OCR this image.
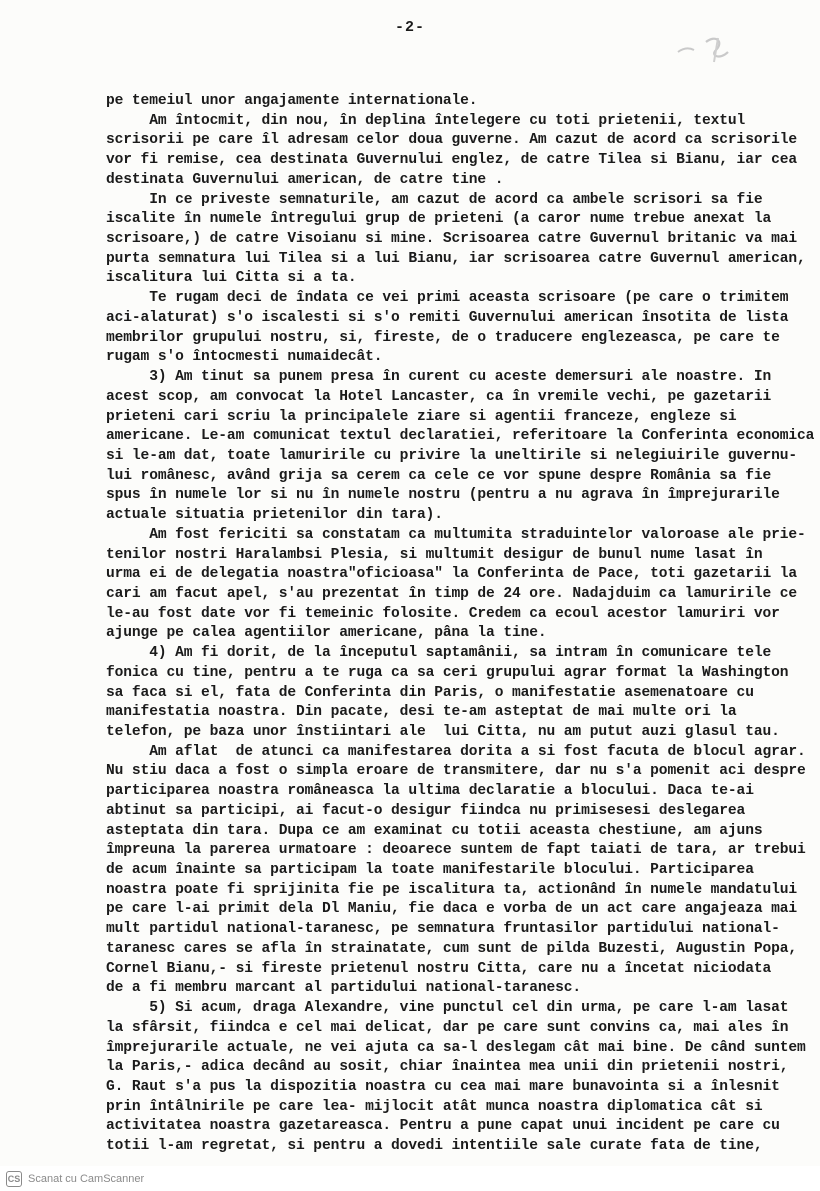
-2-
pe temeiul unor angajamente internationale.
Am întocmit, din nou, în deplina întelegere cu toti prietenii, textul
scrisorii pe care îl adresam celor doua guverne. Am cazut de acord ca scrisorile
vor fi remise, cea destinata Guvernului englez, de catre Tilea si Bianu, iar cea
destinata Guvernului american, de catre tine .
In ce priveste semnaturile, am cazut de acord ca ambele scrisori sa fie
iscalite în numele întregului grup de prieteni (a caror nume trebue anexat la
scrisoare,) de catre Visoianu si mine. Scrisoarea catre Guvernul britanic va mai
purta semnatura lui Tilea si a lui Bianu, iar scrisoarea catre Guvernul american,
iscalitura lui Citta si a ta.
Te rugam deci de îndata ce vei primi aceasta scrisoare (pe care o trimitem
aci-alaturat) s'o iscalesti si s'o remiti Guvernului american însotita de lista
membrilor grupului nostru, si, fireste, de o traducere englezeasca, pe care te
rugam s'o întocmesti numaidecât.
3) Am tinut sa punem presa în curent cu aceste demersuri ale noastre. In
acest scop, am convocat la Hotel Lancaster, ca în vremile vechi, pe gazetarii
prieteni cari scriu la principalele ziare si agentii franceze, engleze si
americane. Le-am comunicat textul declaratiei, referitoare la Conferinta economica
si le-am dat, toate lamuririle cu privire la uneltirile si nelegiuirile guvernu-
lui românesc, având grija sa cerem ca cele ce vor spune despre România sa fie
spus în numele lor si nu în numele nostru (pentru a nu agrava în împrejurarile
actuale situatia prietenilor din tara).
Am fost fericiti sa constatam ca multumita straduintelor valoroase ale prie-
tenilor nostri Haralambsi Plesia, si multumit desigur de bunul nume lasat în
urma ei de delegatia noastra"oficioasa" la Conferinta de Pace, toti gazetarii la
cari am facut apel, s'au prezentat în timp de 24 ore. Nadajduim ca lamuririle ce
le-au fost date vor fi temeinic folosite. Credem ca ecoul acestor lamuriri vor
ajunge pe calea agentiilor americane, pâna la tine.
4) Am fi dorit, de la începutul saptamânii, sa intram în comunicare tele
fonica cu tine, pentru a te ruga ca sa ceri grupului agrar format la Washington
sa faca si el, fata de Conferinta din Paris, o manifestatie asemenatoare cu
manifestatia noastra. Din pacate, desi te-am asteptat de mai multe ori la
telefon, pe baza unor înstiintari ale  lui Citta, nu am putut auzi glasul tau.
Am aflat  de atunci ca manifestarea dorita a si fost facuta de blocul agrar.
Nu stiu daca a fost o simpla eroare de transmitere, dar nu s'a pomenit aci despre
participarea noastra româneasca la ultima declaratie a blocului. Daca te-ai
abtinut sa participi, ai facut-o desigur fiindca nu primisesesi deslegarea
asteptata din tara. Dupa ce am examinat cu totii aceasta chestiune, am ajuns
împreuna la parerea urmatoare : deoarece suntem de fapt taiati de tara, ar trebui
de acum înainte sa participam la toate manifestarile blocului. Participarea
noastra poate fi sprijinita fie pe iscalitura ta, actionând în numele mandatului
pe care l-ai primit dela Dl Maniu, fie daca e vorba de un act care angajeaza mai
mult partidul national-taranesc, pe semnatura fruntasilor partidului national-
taranesc cares se afla în strainatate, cum sunt de pilda Buzesti, Augustin Popa,
Cornel Bianu,- si fireste prietenul nostru Citta, care nu a încetat niciodata
de a fi membru marcant al partidului national-taranesc.
5) Si acum, draga Alexandre, vine punctul cel din urma, pe care l-am lasat
la sfârsit, fiindca e cel mai delicat, dar pe care sunt convins ca, mai ales în
împrejurarile actuale, ne vei ajuta ca sa-l deslegam cât mai bine. De când suntem
la Paris,- adica decând au sosit, chiar înaintea mea unii din prietenii nostri,
G. Raut s'a pus la dispozitia noastra cu cea mai mare bunavointa si a înlesnit
prin întâlnirile pe care lea- mijlocit atât munca noastra diplomatica cât si
activitatea noastra gazetareasca. Pentru a pune capat unui incident pe care cu
totii l-am regretat, si pentru a dovedi intentiile sale curate fata de tine,
CS Scanat cu CamScanner
